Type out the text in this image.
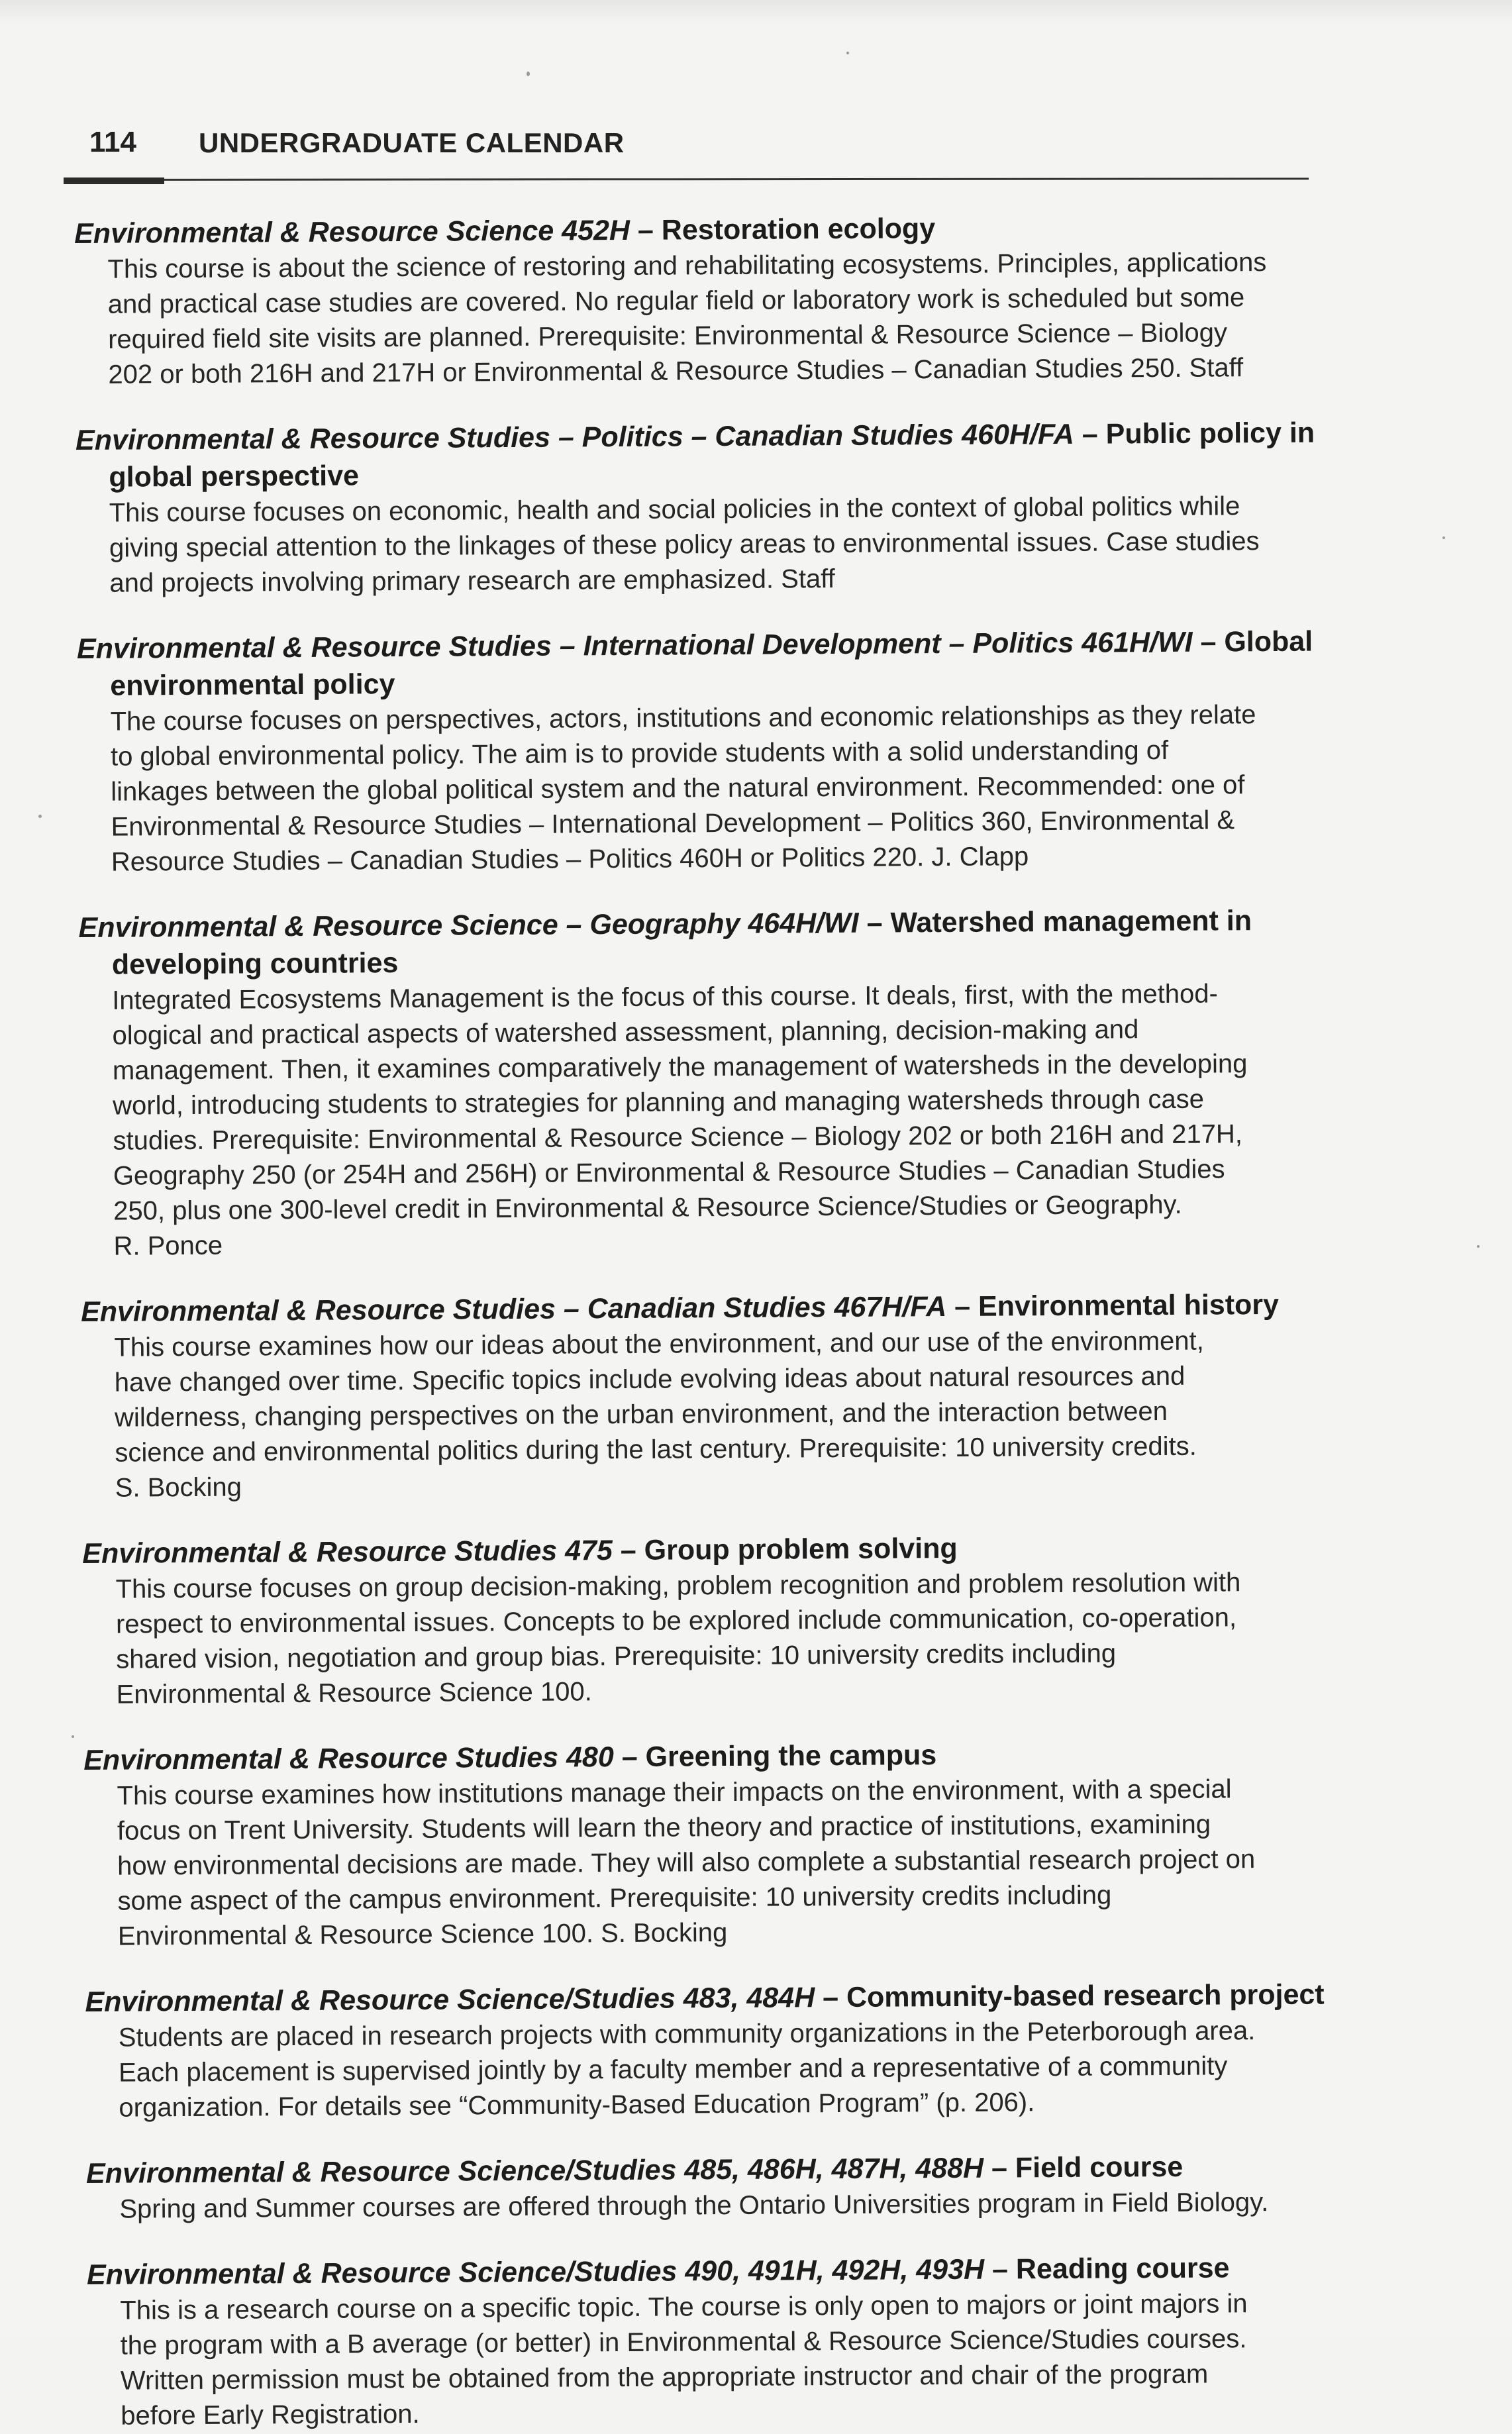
114 UNDERGRADUATE CALENDAR

Environmental & Resource Science 452H – Restoration ecology

This course is about the science of restoring and rehabilitating ecosystems. Principles, applications
and practical case studies are covered. No regular field or laboratory work is scheduled but some
required field site visits are planned. Prerequisite: Environmental & Resource Science – Biology
202 or both 216H and 217H or Environmental & Resource Studies – Canadian Studies 250. Staff

Environmental & Resource Studies – Politics – Canadian Studies 460H/FA – Public policy in global perspective

This course focuses on economic, health and social policies in the context of global politics while
giving special attention to the linkages of these policy areas to environmental issues. Case studies
and projects involving primary research are emphasized. Staff

Environmental & Resource Studies – International Development – Politics 461H/WI – Global environmental policy

The course focuses on perspectives, actors, institutions and economic relationships as they relate
to global environmental policy. The aim is to provide students with a solid understanding of
linkages between the global political system and the natural environment. Recommended: one of
Environmental & Resource Studies – International Development – Politics 360, Environmental &
Resource Studies – Canadian Studies – Politics 460H or Politics 220. J. Clapp

Environmental & Resource Science – Geography 464H/WI – Watershed management in developing countries

Integrated Ecosystems Management is the focus of this course. It deals, first, with the method-
ological and practical aspects of watershed assessment, planning, decision-making and
management. Then, it examines comparatively the management of watersheds in the developing
world, introducing students to strategies for planning and managing watersheds through case
studies. Prerequisite: Environmental & Resource Science – Biology 202 or both 216H and 217H,
Geography 250 (or 254H and 256H) or Environmental & Resource Studies – Canadian Studies
250, plus one 300-level credit in Environmental & Resource Science/Studies or Geography.
R. Ponce

Environmental & Resource Studies – Canadian Studies 467H/FA – Environmental history

This course examines how our ideas about the environment, and our use of the environment,
have changed over time. Specific topics include evolving ideas about natural resources and
wilderness, changing perspectives on the urban environment, and the interaction between
science and environmental politics during the last century. Prerequisite: 10 university credits.
S. Bocking

Environmental & Resource Studies 475 – Group problem solving

This course focuses on group decision-making, problem recognition and problem resolution with
respect to environmental issues. Concepts to be explored include communication, co-operation,
shared vision, negotiation and group bias. Prerequisite: 10 university credits including
Environmental & Resource Science 100.

Environmental & Resource Studies 480 – Greening the campus

This course examines how institutions manage their impacts on the environment, with a special
focus on Trent University. Students will learn the theory and practice of institutions, examining
how environmental decisions are made. They will also complete a substantial research project on
some aspect of the campus environment. Prerequisite: 10 university credits including
Environmental & Resource Science 100. S. Bocking

Environmental & Resource Science/Studies 483, 484H – Community-based research project

Students are placed in research projects with community organizations in the Peterborough area.
Each placement is supervised jointly by a faculty member and a representative of a community
organization. For details see “Community-Based Education Program” (p. 206).

Environmental & Resource Science/Studies 485, 486H, 487H, 488H – Field course

Spring and Summer courses are offered through the Ontario Universities program in Field Biology.

Environmental & Resource Science/Studies 490, 491H, 492H, 493H – Reading course

This is a research course on a specific topic. The course is only open to majors or joint majors in
the program with a B average (or better) in Environmental & Resource Science/Studies courses.
Written permission must be obtained from the appropriate instructor and chair of the program
before Early Registration.
